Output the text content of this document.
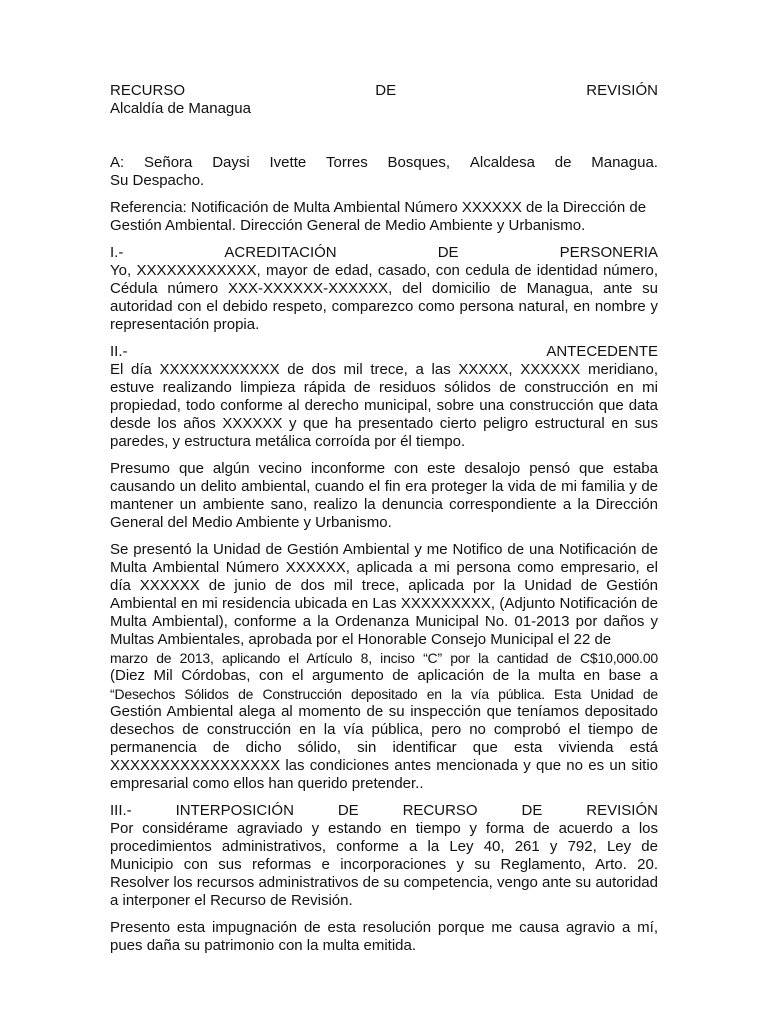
RECURSO	DE	REVISIÓN
Alcaldía de Managua
A: Señora Daysi Ivette Torres Bosques, Alcaldesa de Managua.
Su Despacho.
Referencia: Notificación de Multa Ambiental Número XXXXXX de la Dirección de
Gestión Ambiental. Dirección General de Medio Ambiente y Urbanismo.
I.-	ACREDITACIÓN	DE	PERSONERIA

Yo, XXXXXXXXXXXX, mayor de edad, casado, con cedula de identidad número, Cédula número XXX-XXXXXX-XXXXXX, del domicilio de Managua, ante su autoridad con el debido respeto, comparezco como persona natural, en nombre y representación propia.

II.-	ANTECEDENTE

El día XXXXXXXXXXXX de dos mil trece, a las XXXXX, XXXXXX meridiano, estuve realizando limpieza rápida de residuos sólidos de construcción en mi propiedad, todo conforme al derecho municipal, sobre una construcción que data desde los años XXXXXX y que ha presentado cierto peligro estructural en sus paredes, y estructura metálica corroída por él tiempo.

Presumo que algún vecino inconforme con este desalojo pensó que estaba causando un delito ambiental, cuando el fin era proteger la vida de mi familia y de mantener un ambiente sano, realizo la denuncia correspondiente a la Dirección General del Medio Ambiente y Urbanismo.

Se presentó la Unidad de Gestión Ambiental y me Notifico de una Notificación de Multa Ambiental Número XXXXXX, aplicada a mi persona como empresario, el día XXXXXX de junio de dos mil trece, aplicada por la Unidad de Gestión Ambiental en mi residencia ubicada en Las XXXXXXXXX, (Adjunto Notificación de Multa Ambiental), conforme a la Ordenanza Municipal No. 01-2013 por daños y Multas Ambientales, aprobada por el Honorable Consejo Municipal el 22 de

marzo de 2013, aplicando el Artículo 8, inciso “C” por la cantidad de C$10,000.00
(Diez Mil Córdobas, con el argumento de aplicación de la multa en base a
“Desechos Sólidos de Construcción depositado en la vía pública. Esta Unidad de

Gestión Ambiental alega al momento de su inspección que teníamos depositado desechos de construcción en la vía pública, pero no comprobó el tiempo de permanencia de dicho sólido, sin identificar que esta vivienda está XXXXXXXXXXXXXXXXX las condiciones antes mencionada y que no es un sitio empresarial como ellos han querido pretender..

III.-	INTERPOSICIÓN	DE	RECURSO	DE	REVISIÓN

Por considérame agraviado y estando en tiempo y forma de acuerdo a los procedimientos administrativos, conforme a la Ley 40, 261 y 792, Ley de Municipio con sus reformas e incorporaciones y su Reglamento, Arto. 20. Resolver los recursos administrativos de su competencia, vengo ante su autoridad a interponer el Recurso de Revisión.

Presento esta impugnación de esta resolución porque me causa agravio a mí, pues daña su patrimonio con la multa emitida.
